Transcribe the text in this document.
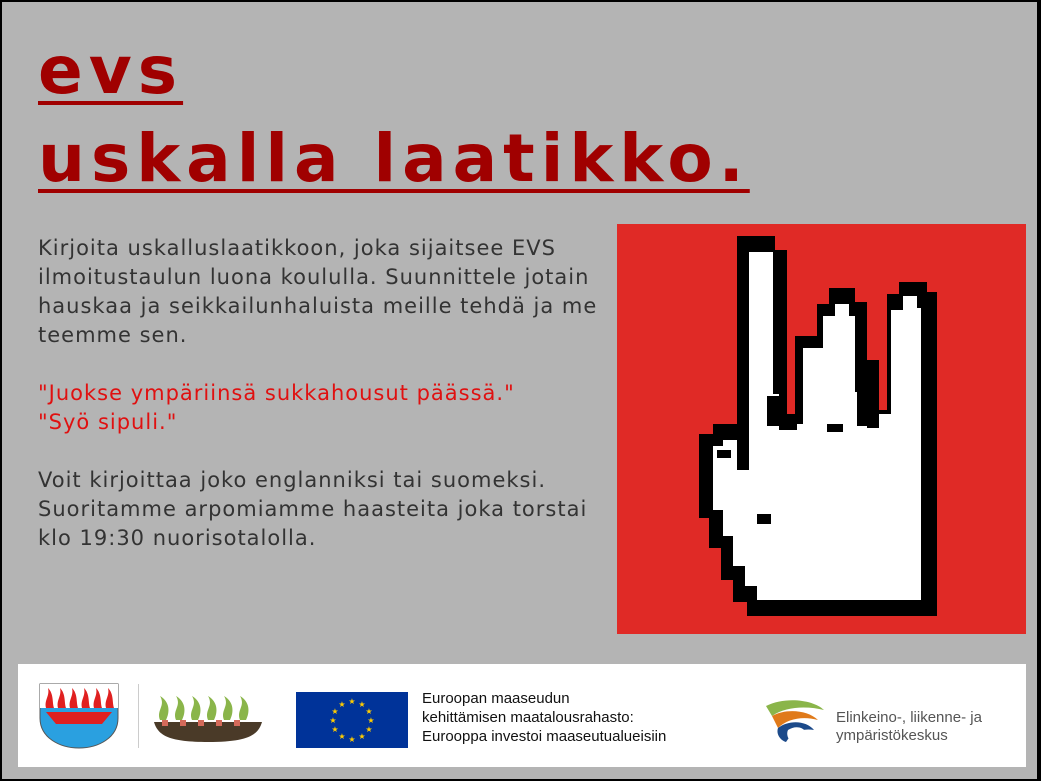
evs
uskalla laatikko.

Kirjoita uskalluslaatikkoon, joka sijaitsee EVS ilmoitustaulun luona koululla. Suunnittele jotain hauskaa ja seikkailunhaluista meille tehdä ja me teemme sen.

"Juokse ympäriinsä sukkahousut päässä."
"Syö sipuli."

Voit kirjoittaa joko englanniksi tai suomeksi. Suoritamme arpomiamme haasteita joka torstai klo 19:30 nuorisotalolla.

★ ★
★
★
★
★
★
★
★
★
★
★	Euroopan maaseudun
kehittämisen maatalousrahasto:
Eurooppa investoi maaseutualueisiin
Elinkeino-, liikenne- ja
ympäristökeskus
